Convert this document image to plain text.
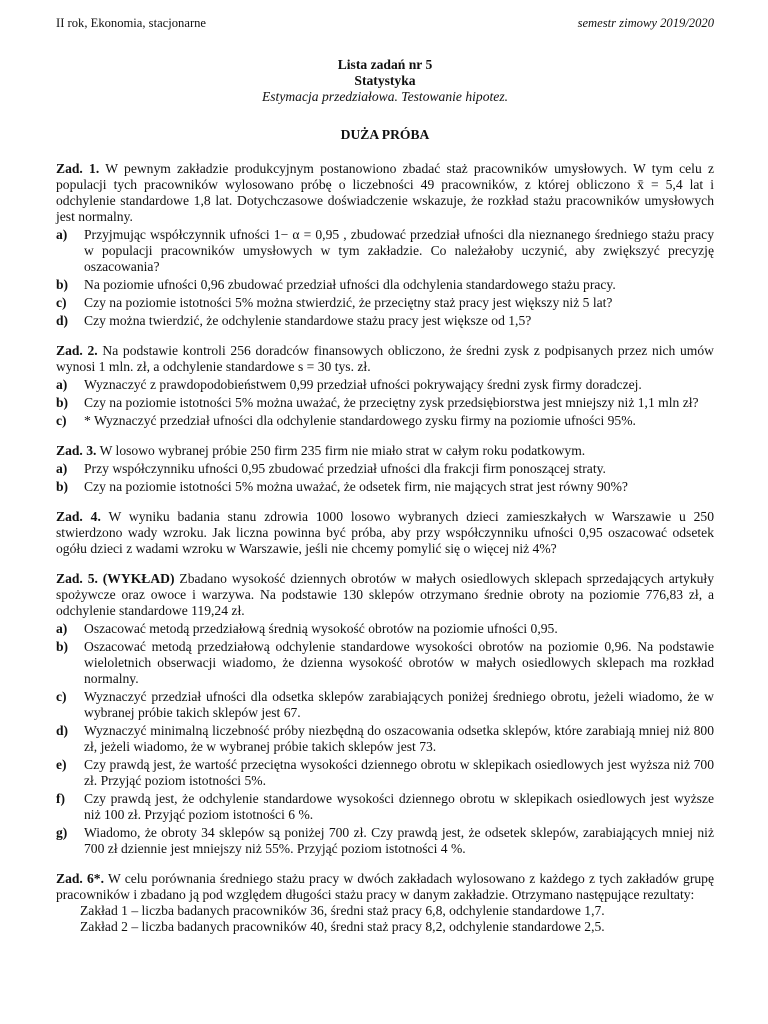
II rok, Ekonomia, stacjonarne	semestr zimowy 2019/2020
Lista zadań nr 5
Statystyka
Estymacja przedziałowa. Testowanie hipotez.
DUŻA PRÓBA

Zad. 1. W pewnym zakładzie produkcyjnym postanowiono zbadać staż pracowników umysłowych. W tym celu z populacji tych pracowników wylosowano próbę o liczebności 49 pracowników, z której obliczono x̄ = 5,4 lat i odchylenie standardowe 1,8 lat. Dotychczasowe doświadczenie wskazuje, że rozkład stażu pracowników umysłowych jest normalny.

a)	Przyjmując współczynnik ufności 1− α = 0,95 , zbudować przedział ufności dla nieznanego średniego stażu pracy w populacji pracowników umysłowych w tym zakładzie. Co należałoby uczynić, aby zwiększyć precyzję oszacowania?
b)	Na poziomie ufności 0,96 zbudować przedział ufności dla odchylenia standardowego stażu pracy.
c)	Czy na poziomie istotności 5% można stwierdzić, że przeciętny staż pracy jest większy niż 5 lat?
d)	Czy można twierdzić, że odchylenie standardowe stażu pracy jest większe od 1,5?

Zad. 2. Na podstawie kontroli 256 doradców finansowych obliczono, że średni zysk z podpisanych przez nich umów wynosi 1 mln. zł, a odchylenie standardowe s = 30 tys. zł.

a)	Wyznaczyć z prawdopodobieństwem 0,99 przedział ufności pokrywający średni zysk firmy doradczej.
b)	Czy na poziomie istotności 5% można uważać, że przeciętny zysk przedsiębiorstwa jest mniejszy niż 1,1 mln zł?
c)	* Wyznaczyć przedział ufności dla odchylenie standardowego zysku firmy na poziomie ufności 95%.

Zad. 3. W losowo wybranej próbie 250 firm 235 firm nie miało strat w całym roku podatkowym.

a)	Przy współczynniku ufności 0,95 zbudować przedział ufności dla frakcji firm ponoszącej straty.
b)	Czy na poziomie istotności 5% można uważać, że odsetek firm, nie mających strat jest równy 90%?

Zad. 4. W wyniku badania stanu zdrowia 1000 losowo wybranych dzieci zamieszkałych w Warszawie u 250 stwierdzono wady wzroku. Jak liczna powinna być próba, aby przy współczynniku ufności 0,95 oszacować odsetek ogółu dzieci z wadami wzroku w Warszawie, jeśli nie chcemy pomylić się o więcej niż 4%?

Zad. 5. (WYKŁAD) Zbadano wysokość dziennych obrotów w małych osiedlowych sklepach sprzedających artykuły spożywcze oraz owoce i warzywa. Na podstawie 130 sklepów otrzymano średnie obroty na poziomie 776,83 zł, a odchylenie standardowe 119,24 zł.

a)	Oszacować metodą przedziałową średnią wysokość obrotów na poziomie ufności 0,95.
b)	Oszacować metodą przedziałową odchylenie standardowe wysokości obrotów na poziomie 0,96. Na podstawie wieloletnich obserwacji wiadomo, że dzienna wysokość obrotów w małych osiedlowych sklepach ma rozkład normalny.
c)	Wyznaczyć przedział ufności dla odsetka sklepów zarabiających poniżej średniego obrotu, jeżeli wiadomo, że w wybranej próbie takich sklepów jest 67.
d)	Wyznaczyć minimalną liczebność próby niezbędną do oszacowania odsetka sklepów, które zarabiają mniej niż 800 zł, jeżeli wiadomo, że w wybranej próbie takich sklepów jest 73.
e)	Czy prawdą jest, że wartość przeciętna wysokości dziennego obrotu w sklepikach osiedlowych jest wyższa niż 700 zł. Przyjąć poziom istotności 5%.
f)	Czy prawdą jest, że odchylenie standardowe wysokości dziennego obrotu w sklepikach osiedlowych jest wyższe niż 100 zł. Przyjąć poziom istotności 6 %.
g)	Wiadomo, że obroty 34 sklepów są poniżej 700 zł. Czy prawdą jest, że odsetek sklepów, zarabiających mniej niż 700 zł dziennie jest mniejszy niż 55%. Przyjąć poziom istotności 4 %.

Zad. 6*. W celu porównania średniego stażu pracy w dwóch zakładach wylosowano z każdego z tych zakładów grupę pracowników i zbadano ją pod względem długości stażu pracy w danym zakładzie. Otrzymano następujące rezultaty:

Zakład 1 – liczba badanych pracowników 36, średni staż pracy 6,8, odchylenie standardowe 1,7.
Zakład 2 – liczba badanych pracowników 40, średni staż pracy 8,2, odchylenie standardowe 2,5.
